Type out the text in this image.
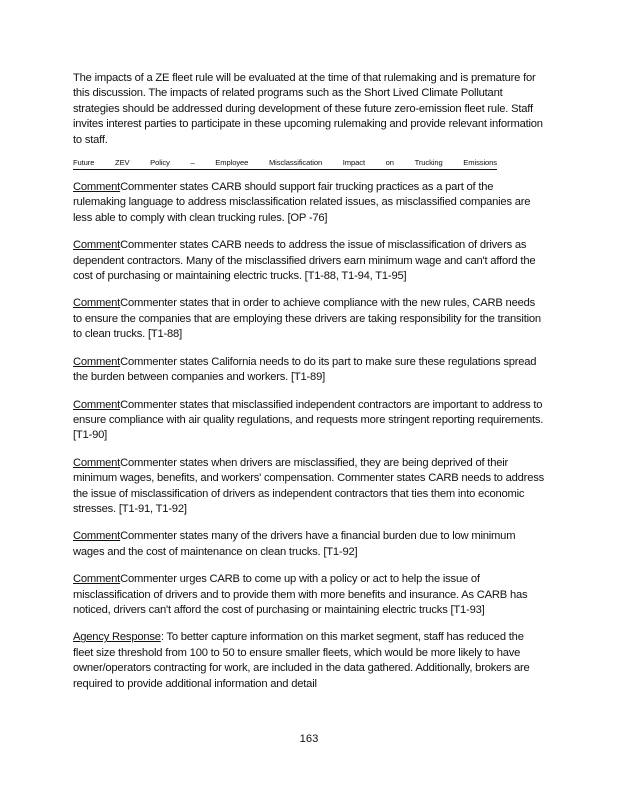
The impacts of a ZE fleet rule will be evaluated at the time of that rulemaking and is premature for this discussion. The impacts of related programs such as the Short Lived Climate Pollutant strategies should be addressed during development of these future zero-emission fleet rule. Staff invites interest parties to participate in these upcoming rulemaking and provide relevant information to staff.

Future	ZEV	Policy	–	Employee	Misclassification	Impact	on	Trucking	Emissions

CommentCommenter states CARB should support fair trucking practices as a part of the rulemaking language to address misclassification related issues, as misclassified companies are less able to comply with clean trucking rules. [OP -76]

CommentCommenter states CARB needs to address the issue of misclassification of drivers as dependent contractors. Many of the misclassified drivers earn minimum wage and can't afford the cost of purchasing or maintaining electric trucks. [T1-88, T1-94, T1-95]

CommentCommenter states that in order to achieve compliance with the new rules, CARB needs to ensure the companies that are employing these drivers are taking responsibility for the transition to clean trucks. [T1-88]

CommentCommenter states California needs to do its part to make sure these regulations spread the burden between companies and workers. [T1-89]

CommentCommenter states that misclassified independent contractors are important to address to ensure compliance with air quality regulations, and requests more stringent reporting requirements. [T1-90]

CommentCommenter states when drivers are misclassified, they are being deprived of their minimum wages, benefits, and workers' compensation. Commenter states CARB needs to address the issue of misclassification of drivers as independent contractors that ties them into economic stresses. [T1-91, T1-92]

CommentCommenter states many of the drivers have a financial burden due to low minimum wages and the cost of maintenance on clean trucks. [T1-92]

CommentCommenter urges CARB to come up with a policy or act to help the issue of misclassification of drivers and to provide them with more benefits and insurance. As CARB has noticed, drivers can't afford the cost of purchasing or maintaining electric trucks [T1-93]

Agency Response: To better capture information on this market segment, staff has reduced the fleet size threshold from 100 to 50 to ensure smaller fleets, which would be more likely to have owner/operators contracting for work, are included in the data gathered. Additionally, brokers are required to provide additional information and detail

163
